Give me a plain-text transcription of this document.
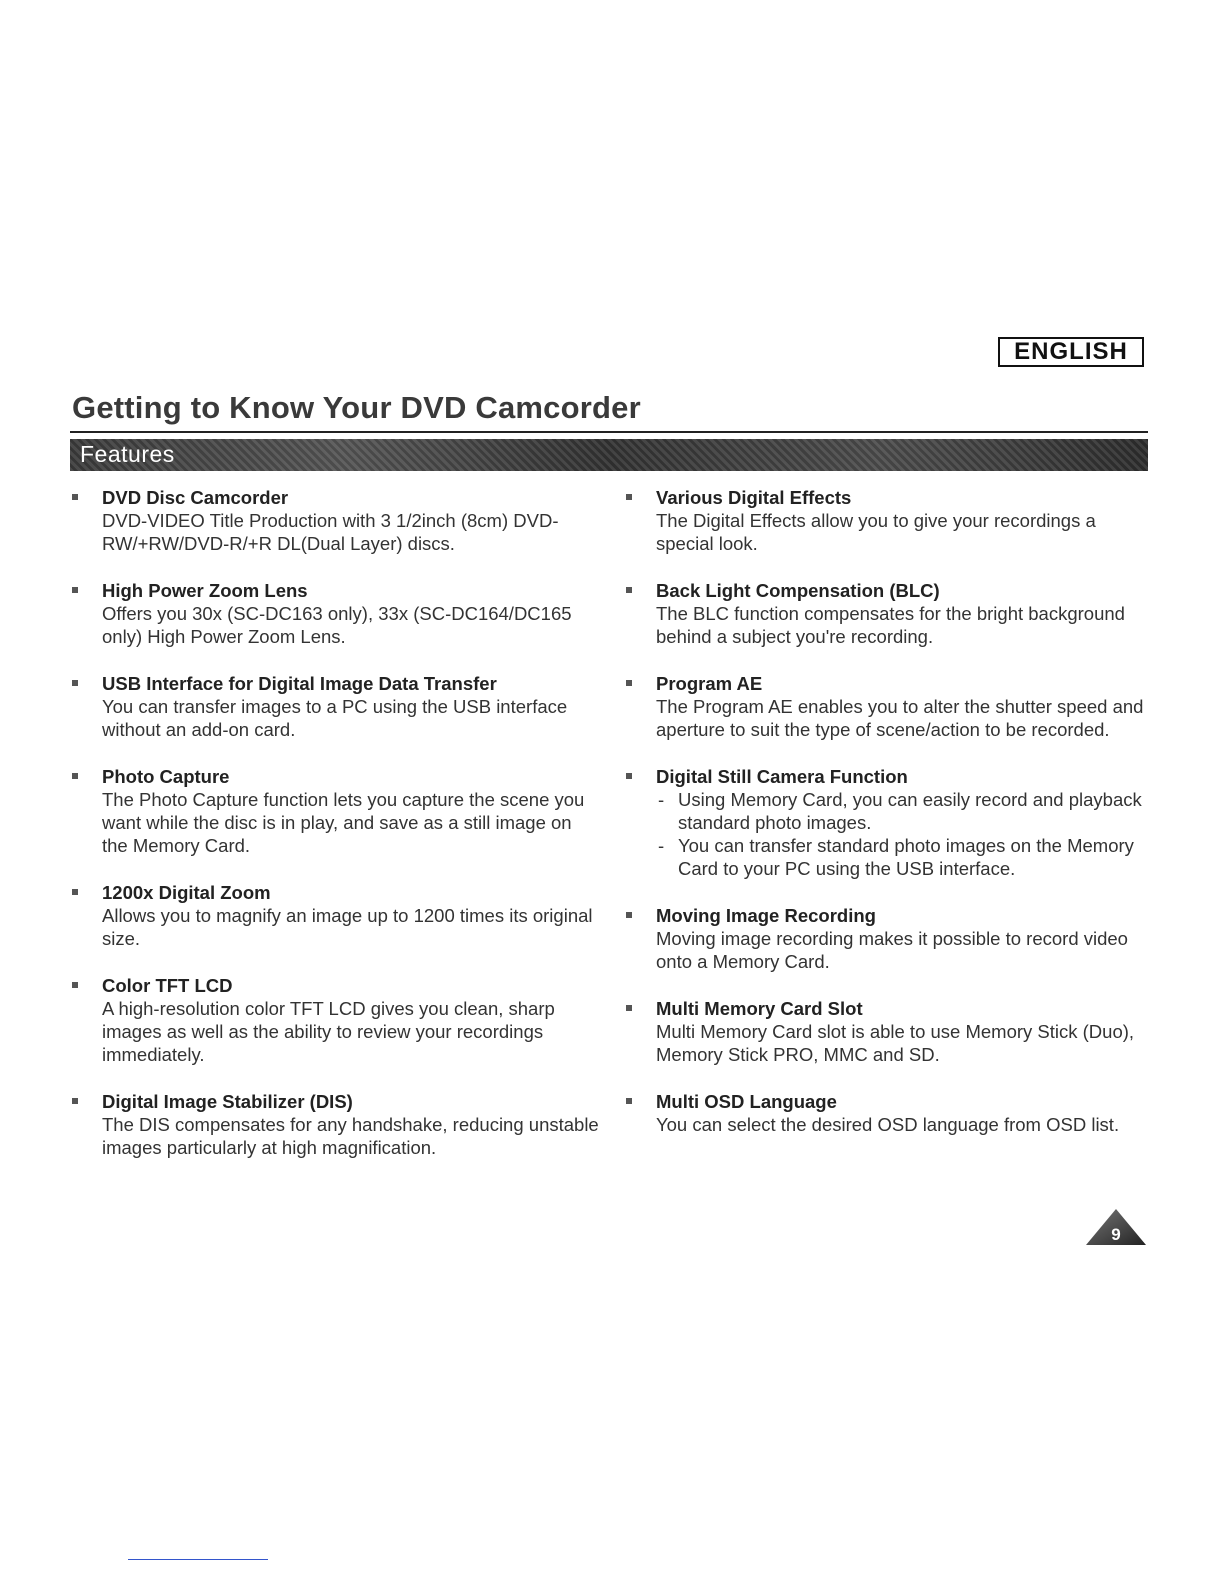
ENGLISH
Getting to Know Your DVD Camcorder
Features

DVD Disc Camcorder

DVD-VIDEO Title Production with 3 1/2inch (8cm) DVD-RW/+RW/DVD-R/+R DL(Dual Layer) discs.

High Power Zoom Lens

Offers you 30x (SC-DC163 only), 33x (SC-DC164/DC165 only) High Power Zoom Lens.

USB Interface for Digital Image Data Transfer

You can transfer images to a PC using the USB interface without an add-on card.

Photo Capture

The Photo Capture function lets you capture the scene you want while the disc is in play, and save as a still image on the Memory Card.

1200x Digital Zoom

Allows you to magnify an image up to 1200 times its original size.

Color TFT LCD

A high-resolution color TFT LCD gives you clean, sharp images as well as the ability to review your recordings immediately.

Digital Image Stabilizer (DIS)

The DIS compensates for any handshake, reducing unstable images particularly at high magnification.

Various Digital Effects

The Digital Effects allow you to give your recordings a special look.

Back Light Compensation (BLC)

The BLC function compensates for the bright background behind a subject you're recording.

Program AE

The Program AE enables you to alter the shutter speed and aperture to suit the type of scene/action to be recorded.

Digital Still Camera Function

- Using Memory Card, you can easily record and playback standard photo images.
- You can transfer standard photo images on the Memory Card to your PC using the USB interface.

Moving Image Recording

Moving image recording makes it possible to record video onto a Memory Card.

Multi Memory Card Slot

Multi Memory Card slot is able to use Memory Stick (Duo), Memory Stick PRO, MMC and SD.

Multi OSD Language

You can select the desired OSD language from OSD list.

9
